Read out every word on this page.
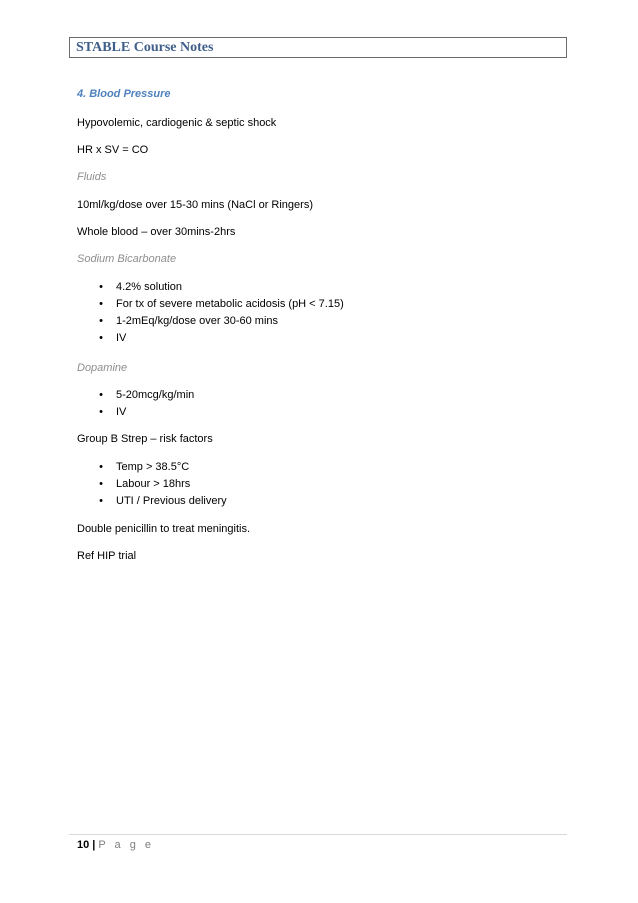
STABLE Course Notes
4. Blood Pressure
Hypovolemic, cardiogenic & septic shock
HR x SV = CO
Fluids
10ml/kg/dose over 15-30 mins (NaCl or Ringers)
Whole blood – over 30mins-2hrs
Sodium Bicarbonate
• 4.2% solution
• For tx of severe metabolic acidosis (pH < 7.15)
• 1-2mEq/kg/dose over 30-60 mins
• IV
Dopamine
• 5-20mcg/kg/min
• IV
Group B Strep – risk factors
• Temp > 38.5°C
• Labour > 18hrs
• UTI / Previous delivery
Double penicillin to treat meningitis.
Ref HIP trial
10 | P a g e
